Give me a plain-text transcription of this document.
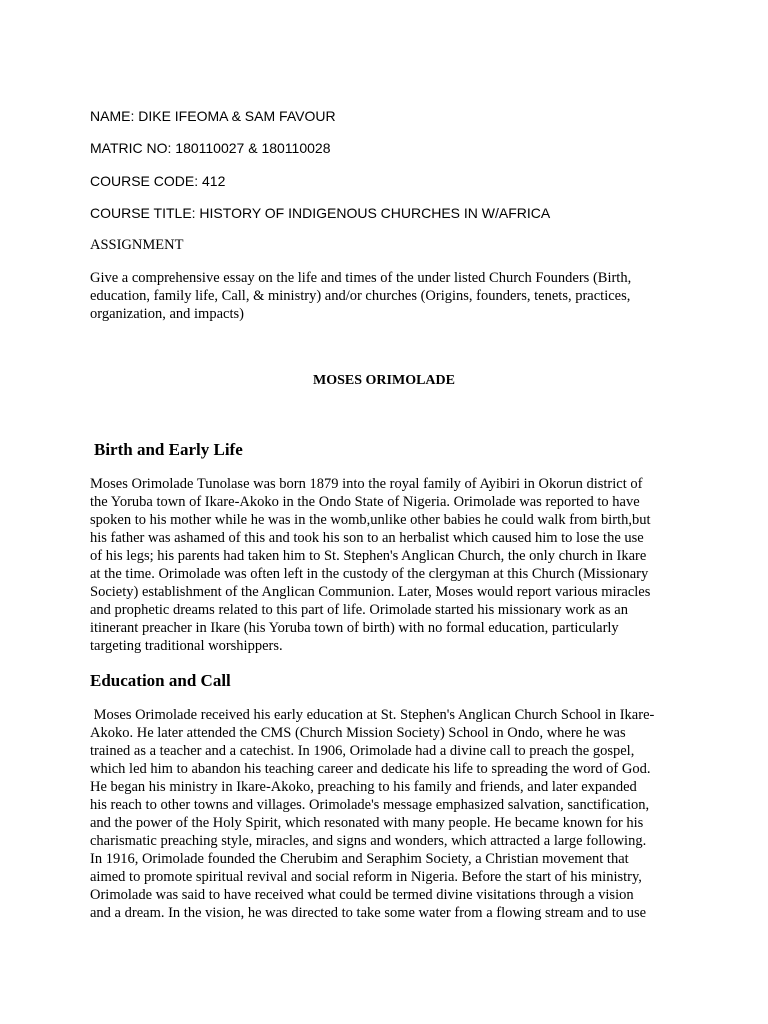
NAME: DIKE IFEOMA & SAM FAVOUR
MATRIC NO: 180110027 & 180110028
COURSE CODE: 412
COURSE TITLE: HISTORY OF INDIGENOUS CHURCHES IN W/AFRICA
ASSIGNMENT
Give a comprehensive essay on the life and times of the under listed Church Founders (Birth,
education, family life, Call, & ministry) and/or churches (Origins, founders, tenets, practices,
organization, and impacts)
MOSES ORIMOLADE
Birth and Early Life
Moses Orimolade Tunolase was born 1879 into the royal family of Ayibiri in Okorun district of
the Yoruba town of Ikare-Akoko in the Ondo State of Nigeria. Orimolade was reported to have
spoken to his mother while he was in the womb,unlike other babies he could walk from birth,but
his father was ashamed of this and took his son to an herbalist which caused him to lose the use
of his legs; his parents had taken him to St. Stephen's Anglican Church, the only church in Ikare
at the time. Orimolade was often left in the custody of the clergyman at this Church (Missionary
Society) establishment of the Anglican Communion. Later, Moses would report various miracles
and prophetic dreams related to this part of life. Orimolade started his missionary work as an
itinerant preacher in Ikare (his Yoruba town of birth) with no formal education, particularly
targeting traditional worshippers.
Education and Call
Moses Orimolade received his early education at St. Stephen's Anglican Church School in Ikare-
Akoko. He later attended the CMS (Church Mission Society) School in Ondo, where he was
trained as a teacher and a catechist. In 1906, Orimolade had a divine call to preach the gospel,
which led him to abandon his teaching career and dedicate his life to spreading the word of God.
He began his ministry in Ikare-Akoko, preaching to his family and friends, and later expanded
his reach to other towns and villages. Orimolade's message emphasized salvation, sanctification,
and the power of the Holy Spirit, which resonated with many people. He became known for his
charismatic preaching style, miracles, and signs and wonders, which attracted a large following.
In 1916, Orimolade founded the Cherubim and Seraphim Society, a Christian movement that
aimed to promote spiritual revival and social reform in Nigeria. Before the start of his ministry,
Orimolade was said to have received what could be termed divine visitations through a vision
and a dream. In the vision, he was directed to take some water from a flowing stream and to use
